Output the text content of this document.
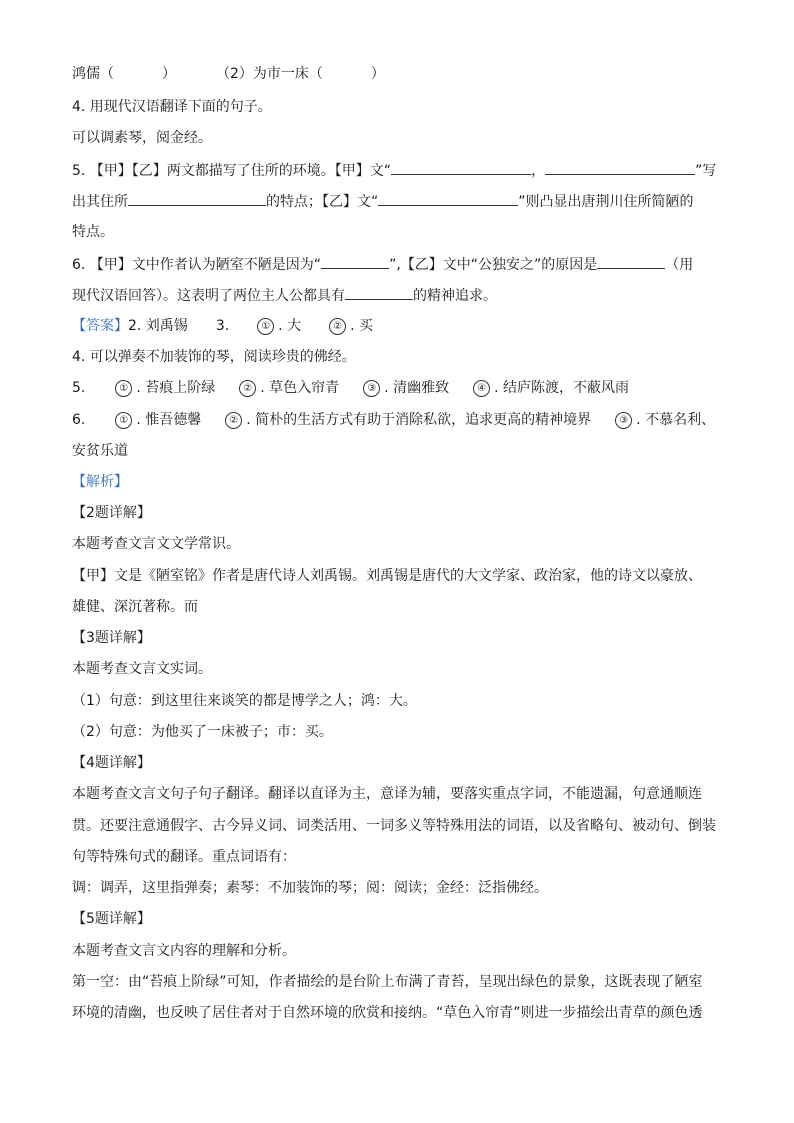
鸿儒（	）	（2）为市一床（	）
4. 用现代汉语翻译下面的句子。
可以调素琴，阅金经。
5. 【甲】【乙】两文都描写了住所的环境。【甲】文“	，	”写
出其住所	的特点；【乙】文“	”则凸显出唐荆川住所简陋的
特点。
6. 【甲】文中作者认为陋室不陋是因为“	”,【乙】文中“公独安之”的原因是	（用
现代汉语回答）。这表明了两位主人公都具有	的精神追求。
【答案】2. 刘禹锡 3.	① . 大	② . 买
4. 可以弹奏不加装饰的琴，阅读珍贵的佛经。
5.	① . 苔痕上阶绿	② . 草色入帘青	③ . 清幽雅致	④ . 结庐陈渡，不蔽风雨
6.	① . 惟吾德馨	② . 简朴的生活方式有助于消除私欲，追求更高的精神境界	③ . 不慕名利、
安贫乐道
【解析】
【2题详解】
本题考查文言文文学常识。
【甲】文是《陋室铭》作者是唐代诗人刘禹锡。刘禹锡是唐代的大文学家、政治家，他的诗文以豪放、
雄健、深沉著称。而
【3题详解】
本题考查文言文实词。
（1）句意：到这里往来谈笑的都是博学之人；鸿：大。
（2）句意：为他买了一床被子；市：买。
【4题详解】
本题考查文言文句子句子翻译。翻译以直译为主，意译为辅，要落实重点字词，不能遗漏，句意通顺连
贯。还要注意通假字、古今异义词、词类活用、一词多义等特殊用法的词语，以及省略句、被动句、倒装
句等特殊句式的翻译。重点词语有：
调：调弄，这里指弹奏；素琴：不加装饰的琴；阅：阅读；金经：泛指佛经。
【5题详解】
本题考查文言文内容的理解和分析。
第一空：由“苔痕上阶绿”可知，作者描绘的是台阶上布满了青苔，呈现出绿色的景象，这既表现了陋室
环境的清幽，也反映了居住者对于自然环境的欣赏和接纳。“草色入帘青”则进一步描绘出青草的颜色透
